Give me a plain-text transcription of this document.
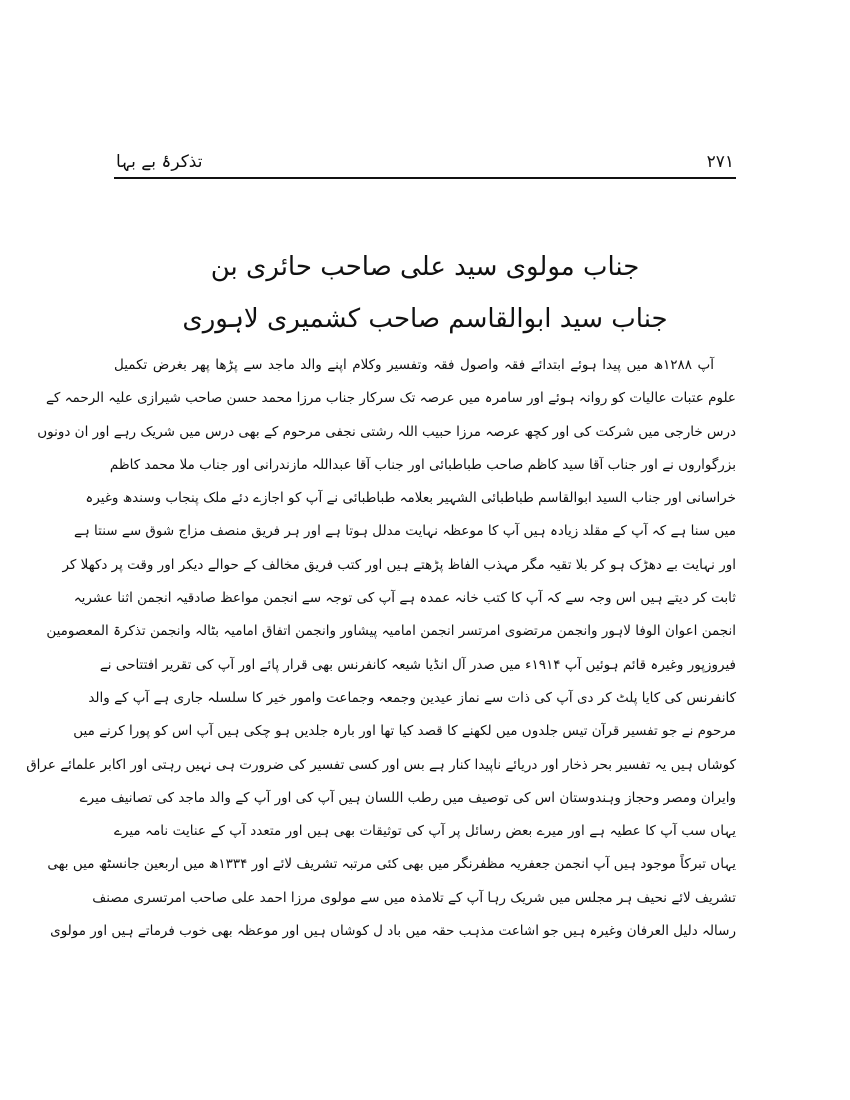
تذکرۂ بے بہا	۲۷۱
جناب مولوی سید علی صاحب حائری بن
جناب سید ابوالقاسم صاحب کشمیری لاہوری
آپ ۱۲۸۸ھ میں پیدا ہوئے ابتدائے فقہ واصول فقہ وتفسیر وکلام اپنے والد ماجد سے پڑھا پھر بغرض تکمیل
علوم عتبات عالیات کو روانہ ہوئے اور سامرہ میں عرصہ تک سرکار جناب مرزا محمد حسن صاحب شیرازی علیہ الرحمہ کے
درس خارجی میں شرکت کی اور کچھ عرصہ مرزا حبیب اللہ رشتی نجفی مرحوم کے بھی درس میں شریک رہے اور ان دونوں
بزرگواروں نے اور جناب آقا سید کاظم صاحب طباطبائی اور جناب آقا عبداللہ مازندرانی اور جناب ملا محمد کاظم
خراسانی اور جناب السید ابوالقاسم طباطبائی الشہیر بعلامہ طباطبائی نے آپ کو اجازے دئے ملک پنجاب وسندھ وغیرہ
میں سنا ہے کہ آپ کے مقلد زیادہ ہیں آپ کا موعظہ نہایت مدلل ہوتا ہے اور ہر فریق منصف مزاج شوق سے سنتا ہے
اور نہایت بے دھڑک ہو کر بلا تقیہ مگر مہذب الفاظ پڑھتے ہیں اور کتب فریق مخالف کے حوالے دیکر اور وقت پر دکھلا کر
ثابت کر دیتے ہیں اس وجہ سے کہ آپ کا کتب خانہ عمدہ ہے آپ کی توجہ سے انجمن مواعظ صادقیہ انجمن اثنا عشریہ
انجمن اعوان الوفا لاہور وانجمن مرتضوی امرتسر انجمن امامیہ پیشاور وانجمن اتفاق امامیہ بٹالہ وانجمن تذکرۃ المعصومین
فیروزپور وغیرہ قائم ہوئیں آپ ۱۹۱۴ء میں صدر آل انڈیا شیعہ کانفرنس بھی قرار پائے اور آپ کی تقریر افتتاحی نے
کانفرنس کی کایا پلٹ کر دی آپ کی ذات سے نماز عیدین وجمعہ وجماعت وامور خیر کا سلسلہ جاری ہے آپ کے والد
مرحوم نے جو تفسیر قرآن تیس جلدوں میں لکھنے کا قصد کیا تھا اور بارہ جلدیں ہو چکی ہیں آپ اس کو پورا کرنے میں
کوشاں ہیں یہ تفسیر بحر ذخار اور دریائے ناپیدا کنار ہے بس اور کسی تفسیر کی ضرورت ہی نہیں رہتی اور اکابر علمائے عراق
وایران ومصر وحجاز وہندوستان اس کی توصیف میں رطب اللسان ہیں آپ کی اور آپ کے والد ماجد کی تصانیف میرے
یہاں سب آپ کا عطیہ ہے اور میرے بعض رسائل پر آپ کی توثیقات بھی ہیں اور متعدد آپ کے عنایت نامہ میرے
یہاں تبرکاً موجود ہیں آپ انجمن جعفریہ مظفرنگر میں بھی کئی مرتبہ تشریف لائے اور ۱۳۳۴ھ میں اربعین جانسٹھ میں بھی
تشریف لائے نحیف ہر مجلس میں شریک رہا آپ کے تلامذہ میں سے مولوی مرزا احمد علی صاحب امرتسری مصنف
رسالہ دلیل العرفان وغیرہ ہیں جو اشاعت مذہب حقہ میں باد ل کوشاں ہیں اور موعظہ بھی خوب فرماتے ہیں اور مولوی
